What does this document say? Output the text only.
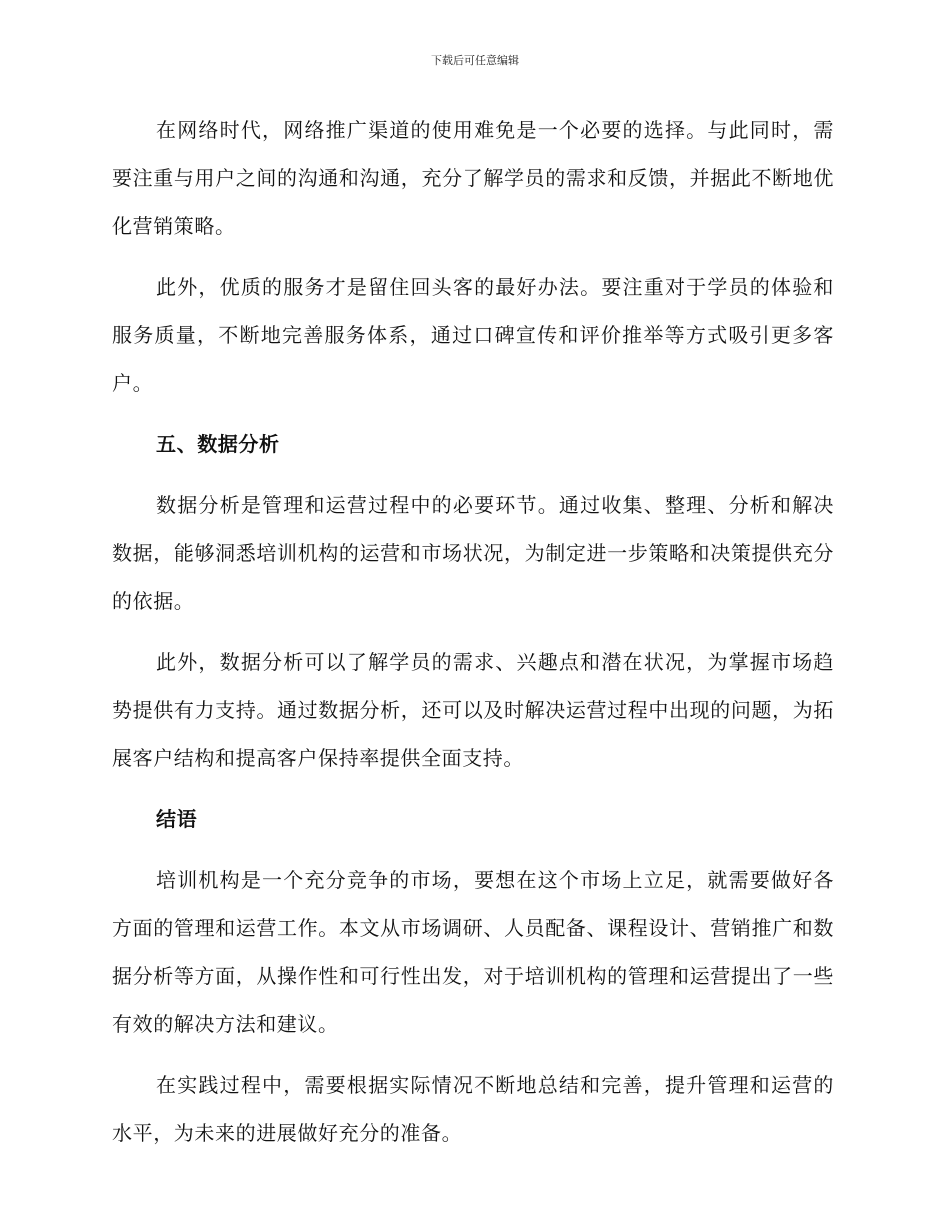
下载后可任意编辑

在网络时代，网络推广渠道的使用难免是一个必要的选择。与此同时，需要注重与用户之间的沟通和沟通，充分了解学员的需求和反馈，并据此不断地优化营销策略。

此外，优质的服务才是留住回头客的最好办法。要注重对于学员的体验和服务质量，不断地完善服务体系，通过口碑宣传和评价推举等方式吸引更多客户。

五、数据分析

数据分析是管理和运营过程中的必要环节。通过收集、整理、分析和解决数据，能够洞悉培训机构的运营和市场状况，为制定进一步策略和决策提供充分的依据。

此外，数据分析可以了解学员的需求、兴趣点和潜在状况，为掌握市场趋势提供有力支持。通过数据分析，还可以及时解决运营过程中出现的问题，为拓展客户结构和提高客户保持率提供全面支持。

结语

培训机构是一个充分竞争的市场，要想在这个市场上立足，就需要做好各方面的管理和运营工作。本文从市场调研、人员配备、课程设计、营销推广和数据分析等方面，从操作性和可行性出发，对于培训机构的管理和运营提出了一些有效的解决方法和建议。

在实践过程中，需要根据实际情况不断地总结和完善，提升管理和运营的水平，为未来的进展做好充分的准备。
